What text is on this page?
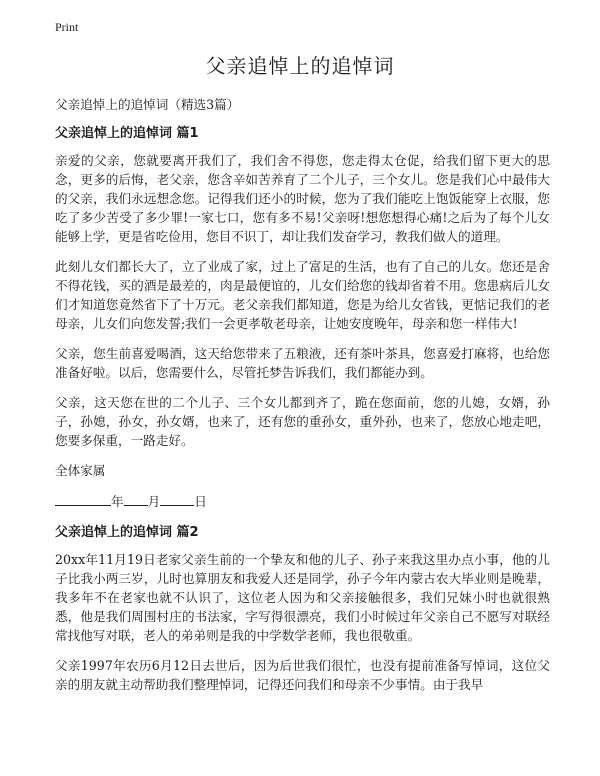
Print
父亲追悼上的追悼词

父亲追悼上的追悼词（精选3篇）

父亲追悼上的追悼词 篇1

亲爱的父亲，您就要离开我们了，我们舍不得您，您走得太仓促，给我们留下更大的思念，更多的后悔，老父亲，您含辛如苦养育了二个儿子，三个女儿。您是我们心中最伟大的父亲，我们永远想念您。记得我们还小的时候，您为了我们能吃上饱饭能穿上衣服，您吃了多少苦受了多少罪!一家七口，您有多不易!父亲呀!想您想得心痛!之后为了每个儿女能够上学，更是省吃俭用，您目不识丁，却让我们发奋学习，教我们做人的道理。

此刻儿女们都长大了，立了业成了家，过上了富足的生活，也有了自己的儿女。您还是舍不得花钱，买的酒是最差的，肉是最便谊的，儿女们给您的钱却省着不用。您患病后儿女们才知道您竟然省下了十万元。老父亲我们都知道，您是为给儿女省钱，更惦记我们的老母亲，儿女们向您发誓;我们一会更孝敬老母亲，让她安度晚年，母亲和您一样伟大!

父亲，您生前喜爱喝酒，这天给您带来了五粮液，还有茶叶茶具，您喜爱打麻将，也给您准备好啦。以后，您需要什么，尽管托梦告诉我们，我们都能办到。

父亲，这天您在世的二个儿子、三个女儿都到齐了，跪在您面前，您的儿媳，女婿，孙子，孙媳，孙女，孙女婿，也来了，还有您的重孙女，重外孙，也来了，您放心地走吧，您要多保重，一路走好。

全体家属

年 月	日

父亲追悼上的追悼词 篇2

20xx年11月19日老家父亲生前的一个挚友和他的儿子、孙子来我这里办点小事，他的儿子比我小两三岁，儿时也算朋友和我爱人还是同学，孙子今年内蒙古农大毕业则是晚辈，我多年不在老家也就不认识了，这位老人因为和父亲接触很多，我们兄妹小时也就很熟悉，他是我们周围村庄的书法家，字写得很漂亮，我们小时候过年父亲自己不愿写对联经常找他写对联，老人的弟弟则是我的中学数学老师，我也很敬重。

父亲1997年农历6月12日去世后，因为后世我们很忙，也没有提前准备写悼词，这位父亲的朋友就主动帮助我们整理悼词，记得还问我们和母亲不少事情。由于我早
